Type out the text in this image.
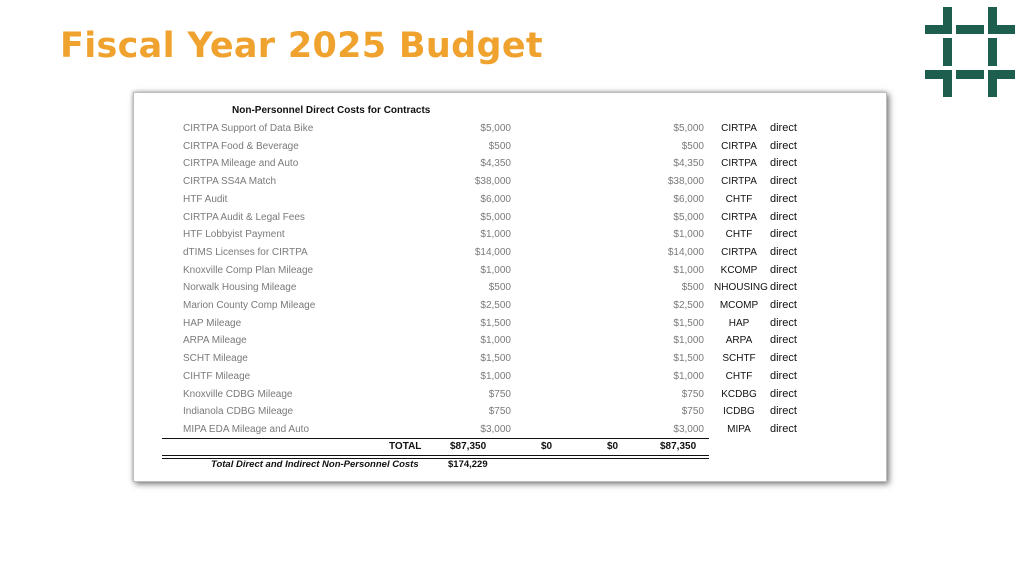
Fiscal Year 2025 Budget
Non-Personnel Direct Costs for Contracts
CIRTPA Support of Data Bike	$5,000	$5,000	CIRTPA	direct
CIRTPA Food & Beverage	$500	$500	CIRTPA	direct
CIRTPA Mileage and Auto	$4,350	$4,350	CIRTPA	direct
CIRTPA SS4A Match	$38,000	$38,000	CIRTPA	direct
HTF Audit	$6,000	$6,000	CHTF	direct
CIRTPA Audit & Legal Fees	$5,000	$5,000	CIRTPA	direct
HTF Lobbyist Payment	$1,000	$1,000	CHTF	direct
dTIMS Licenses for CIRTPA	$14,000	$14,000	CIRTPA	direct
Knoxville Comp Plan Mileage	$1,000	$1,000	KCOMP	direct
Norwalk Housing Mileage	$500	$500 NHOUSING direct
Marion County Comp Mileage	$2,500	$2,500	MCOMP	direct
HAP Mileage	$1,500	$1,500	HAP	direct
ARPA Mileage	$1,000	$1,000	ARPA	direct
SCHT Mileage	$1,500	$1,500	SCHTF	direct
CIHTF Mileage	$1,000	$1,000	CHTF	direct
Knoxville CDBG Mileage	$750	$750	KCDBG	direct
Indianola CDBG Mileage	$750	$750	ICDBG	direct
MIPA EDA Mileage and Auto	$3,000	$3,000	MIPA	direct
TOTAL	$87,350	$0	$0	$87,350
Total Direct and Indirect Non-Personnel Costs	$174,229
